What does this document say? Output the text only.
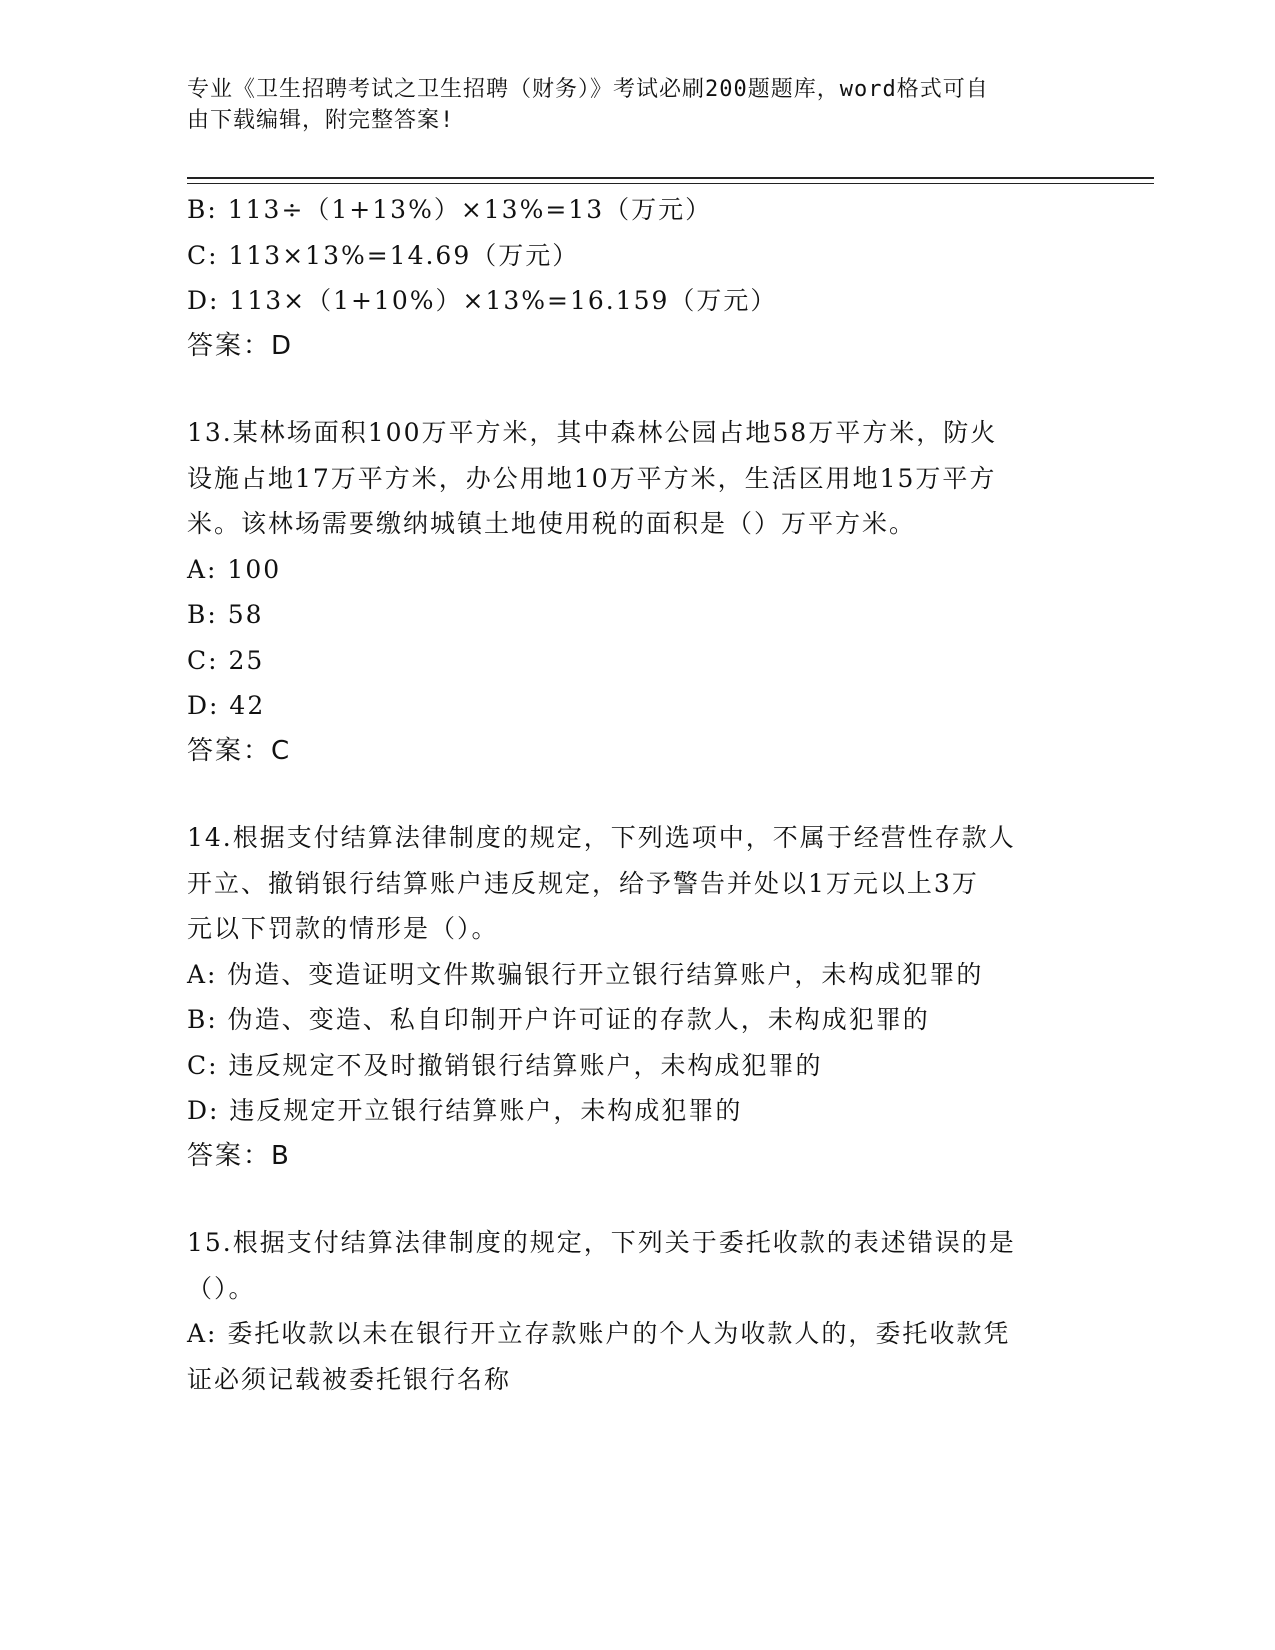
专业《卫生招聘考试之卫生招聘（财务）》考试必刷200题题库，word格式可自
由下载编辑，附完整答案!
B: 113÷（1+13%）×13%=13（万元）
C: 113×13%=14.69（万元）
D: 113×（1+10%）×13%=16.159（万元）
答案：D
13.某林场面积100万平方米，其中森林公园占地58万平方米，防火
设施占地17万平方米，办公用地10万平方米，生活区用地15万平方
米。该林场需要缴纳城镇土地使用税的面积是（）万平方米。
A: 100
B: 58
C: 25
D: 42
答案：C
14.根据支付结算法律制度的规定，下列选项中，不属于经营性存款人
开立、撤销银行结算账户违反规定，给予警告并处以1万元以上3万
元以下罚款的情形是（）。
A: 伪造、变造证明文件欺骗银行开立银行结算账户，未构成犯罪的
B: 伪造、变造、私自印制开户许可证的存款人，未构成犯罪的
C: 违反规定不及时撤销银行结算账户，未构成犯罪的
D: 违反规定开立银行结算账户，未构成犯罪的
答案：B
15.根据支付结算法律制度的规定，下列关于委托收款的表述错误的是
（）。
A: 委托收款以未在银行开立存款账户的个人为收款人的，委托收款凭
证必须记载被委托银行名称
